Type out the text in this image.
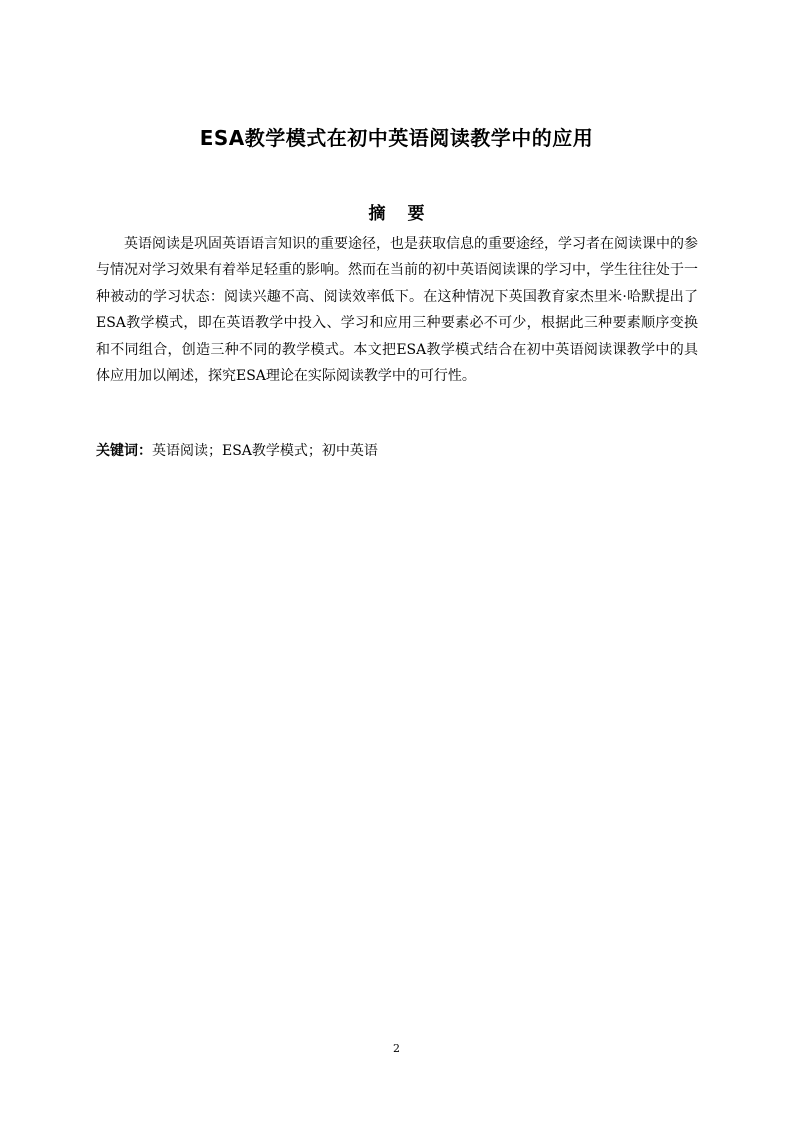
ESA教学模式在初中英语阅读教学中的应用
摘 要

英语阅读是巩固英语语言知识的重要途径，也是获取信息的重要途经，学习者在阅读课中的参与情况对学习效果有着举足轻重的影响。然而在当前的初中英语阅读课的学习中，学生往往处于一种被动的学习状态：阅读兴趣不高、阅读效率低下。在这种情况下英国教育家杰里米·哈默提出了ESA教学模式，即在英语教学中投入、学习和应用三种要素必不可少，根据此三种要素顺序变换和不同组合，创造三种不同的教学模式。本文把ESA教学模式结合在初中英语阅读课教学中的具体应用加以阐述，探究ESA理论在实际阅读教学中的可行性。

关键词：英语阅读；ESA教学模式；初中英语

2
